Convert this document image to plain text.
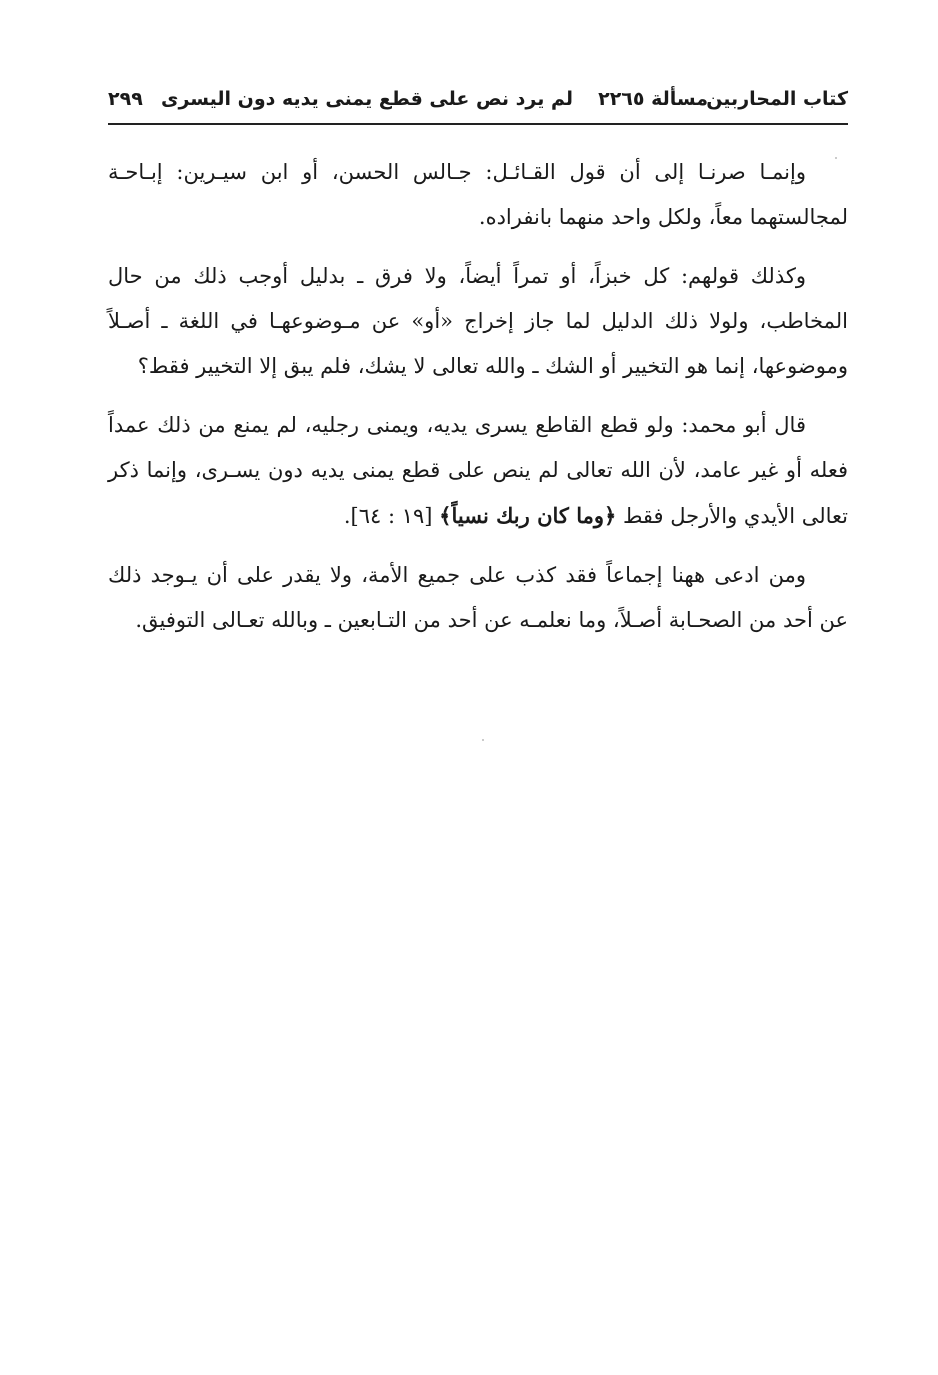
كتاب المحاربين
مسألة ٢٢٦٥
لم يرد نص على قطع يمنى يديه دون اليسرى
٢٩٩

وإنمـا صرنـا إلى أن قول القـائـل: جـالس الحسن، أو ابن سيـرين: إبـاحـة لمجالستهما معاً، ولكل واحد منهما بانفراده.

وكذلك قولهم: كل خبزاً، أو تمراً أيضاً، ولا فرق ـ بدليل أوجب ذلك من حال المخاطب، ولولا ذلك الدليل لما جاز إخراج «أو» عن مـوضوعهـا في اللغة ـ أصـلاً وموضوعها، إنما هو التخيير أو الشك ـ والله تعالى لا يشك، فلم يبق إلا التخيير فقط؟

قال أبو محمد: ولو قطع القاطع يسرى يديه، ويمنى رجليه، لم يمنع من ذلك عمداً فعله أو غير عامد، لأن الله تعالى لم ينص على قطع يمنى يديه دون يسـرى، وإنما ذكر تعالى الأيدي والأرجل فقط ﴿وما كان ربك نسياً﴾ [١٩ : ٦٤].

ومن ادعى ههنا إجماعاً فقد كذب على جميع الأمة، ولا يقدر على أن يـوجد ذلك عن أحد من الصحـابة أصـلاً، وما نعلمـه عن أحد من التـابعين ـ وبالله تعـالى التوفيق.
